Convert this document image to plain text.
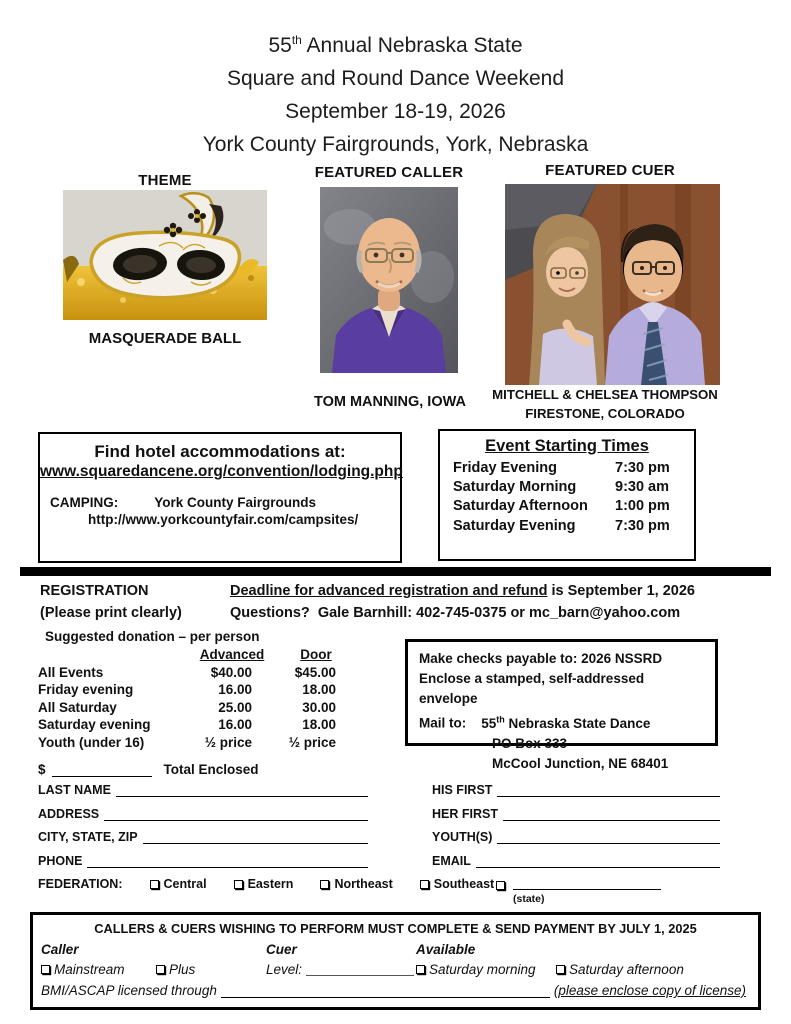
55th Annual Nebraska State
Square and Round Dance Weekend
September 18-19, 2026
York County Fairgrounds, York, Nebraska
THEME	FEATURED CALLER	FEATURED CUER
MASQUERADE BALL
TOM MANNING, IOWA	MITCHELL & CHELSEA THOMPSON
FIRESTONE, COLORADO
Find hotel accommodations at:
www.squaredancene.org/convention/lodging.php
CAMPING:	York County Fairgrounds
http://www.yorkcountyfair.com/campsites/
Event Starting Times
Friday Evening	7:30 pm
Saturday Morning	9:30 am
Saturday Afternoon	1:00 pm
Saturday Evening	7:30 pm
REGISTRATION
(Please print clearly)
Deadline for advanced registration and refund is September 1, 2026
Questions?  Gale Barnhill: 402-745-0375 or mc_barn@yahoo.com
Suggested donation – per person
Advanced	Door
All Events	$40.00	$45.00
Friday evening	16.00	18.00
All Saturday	25.00	30.00
Saturday evening	16.00	18.00
Youth (under 16)	½ price	½ price
$	Total Enclosed
Make checks payable to: 2026 NSSRD
Enclose a stamped, self-addressed envelope
Mail to: 55th Nebraska State Dance
PO Box 333
McCool Junction, NE 68401
LAST NAME
ADDRESS
CITY, STATE, ZIP
PHONE
HIS FIRST
HER FIRST
YOUTH(S)
EMAIL
FEDERATION:	Central	Eastern	Northeast	Southeast
(state)
CALLERS & CUERS WISHING TO PERFORM MUST COMPLETE & SEND PAYMENT BY JULY 1, 2025
Caller	Cuer	Available
Mainstream	Plus	Level:	Saturday morning Saturday afternoon
BMI/ASCAP licensed through	(please enclose copy of license)
